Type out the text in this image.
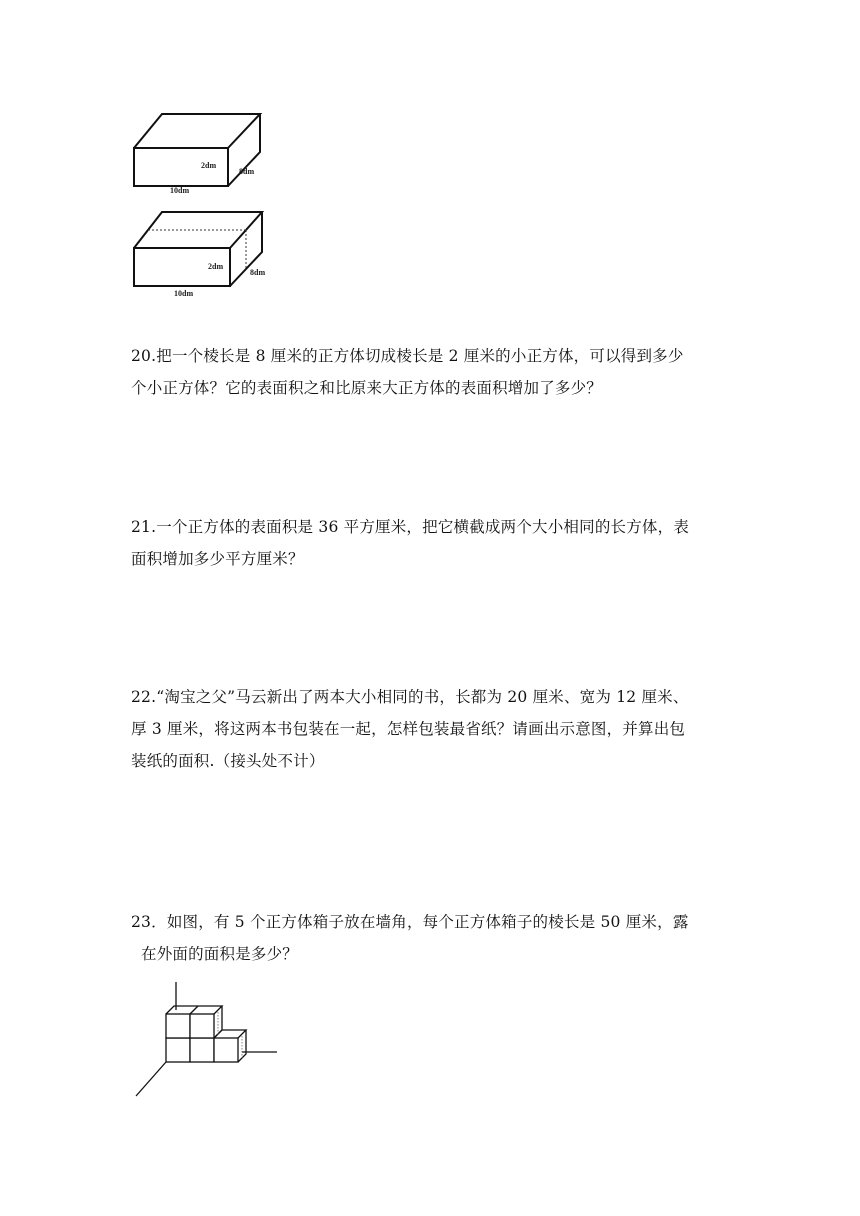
2dm
8dm
10dm
2dm
8dm
10dm
20.把一个棱长是 8 厘米的正方体切成棱长是 2 厘米的小正方体，可以得到多少
个小正方体？它的表面积之和比原来大正方体的表面积增加了多少？
21.一个正方体的表面积是 36 平方厘米，把它横截成两个大小相同的长方体，表
面积增加多少平方厘米？
22.“淘宝之父”马云新出了两本大小相同的书，长都为 20 厘米、宽为 12 厘米、
厚 3 厘米，将这两本书包装在一起，怎样包装最省纸？请画出示意图，并算出包
装纸的面积.（接头处不计）
23．如图，有 5 个正方体箱子放在墙角，每个正方体箱子的棱长是 50 厘米，露
在外面的面积是多少？
